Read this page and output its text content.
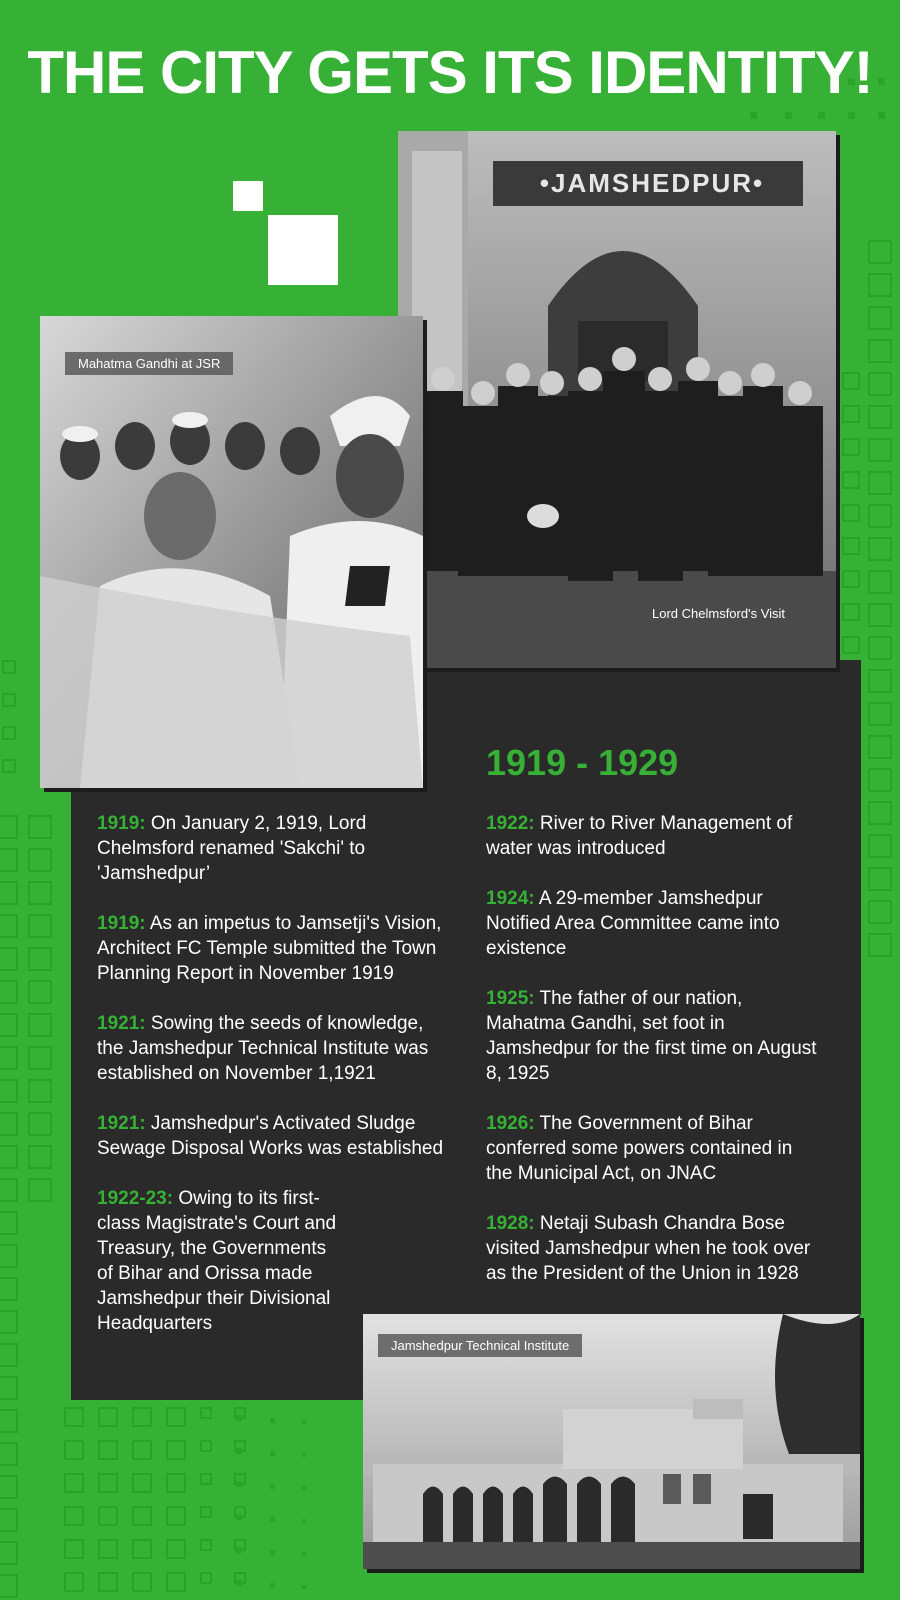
THE CITY GETS ITS IDENTITY!
•JAMSHEDPUR•
Lord Chelmsford's Visit
Mahatma Gandhi at JSR
1919 - 1929
1919: On January 2, 1919, Lord Chelmsford renamed 'Sakchi' to 'Jamshedpur’
1919: As an impetus to Jamsetji's Vision, Architect FC Temple submitted the Town Planning Report in November 1919
1921: Sowing the seeds of knowledge, the Jamshedpur Technical Institute was established on November 1,1921
1921: Jamshedpur's Activated Sludge Sewage Disposal Works was established
1922-23: Owing to its first-class Magistrate's Court and Treasury, the Governments of Bihar and Orissa made Jamshedpur their Divisional Headquarters
1922: River to River Management of water was introduced
1924: A 29-member Jamshedpur Notified Area Committee came into existence
1925: The father of our nation, Mahatma Gandhi, set foot in Jamshedpur for the first time on August 8, 1925
1926: The Government of Bihar conferred some powers contained in the Municipal Act, on JNAC
1928: Netaji Subash Chandra Bose visited Jamshedpur when he took over as the President of the Union in 1928
Jamshedpur Technical Institute
